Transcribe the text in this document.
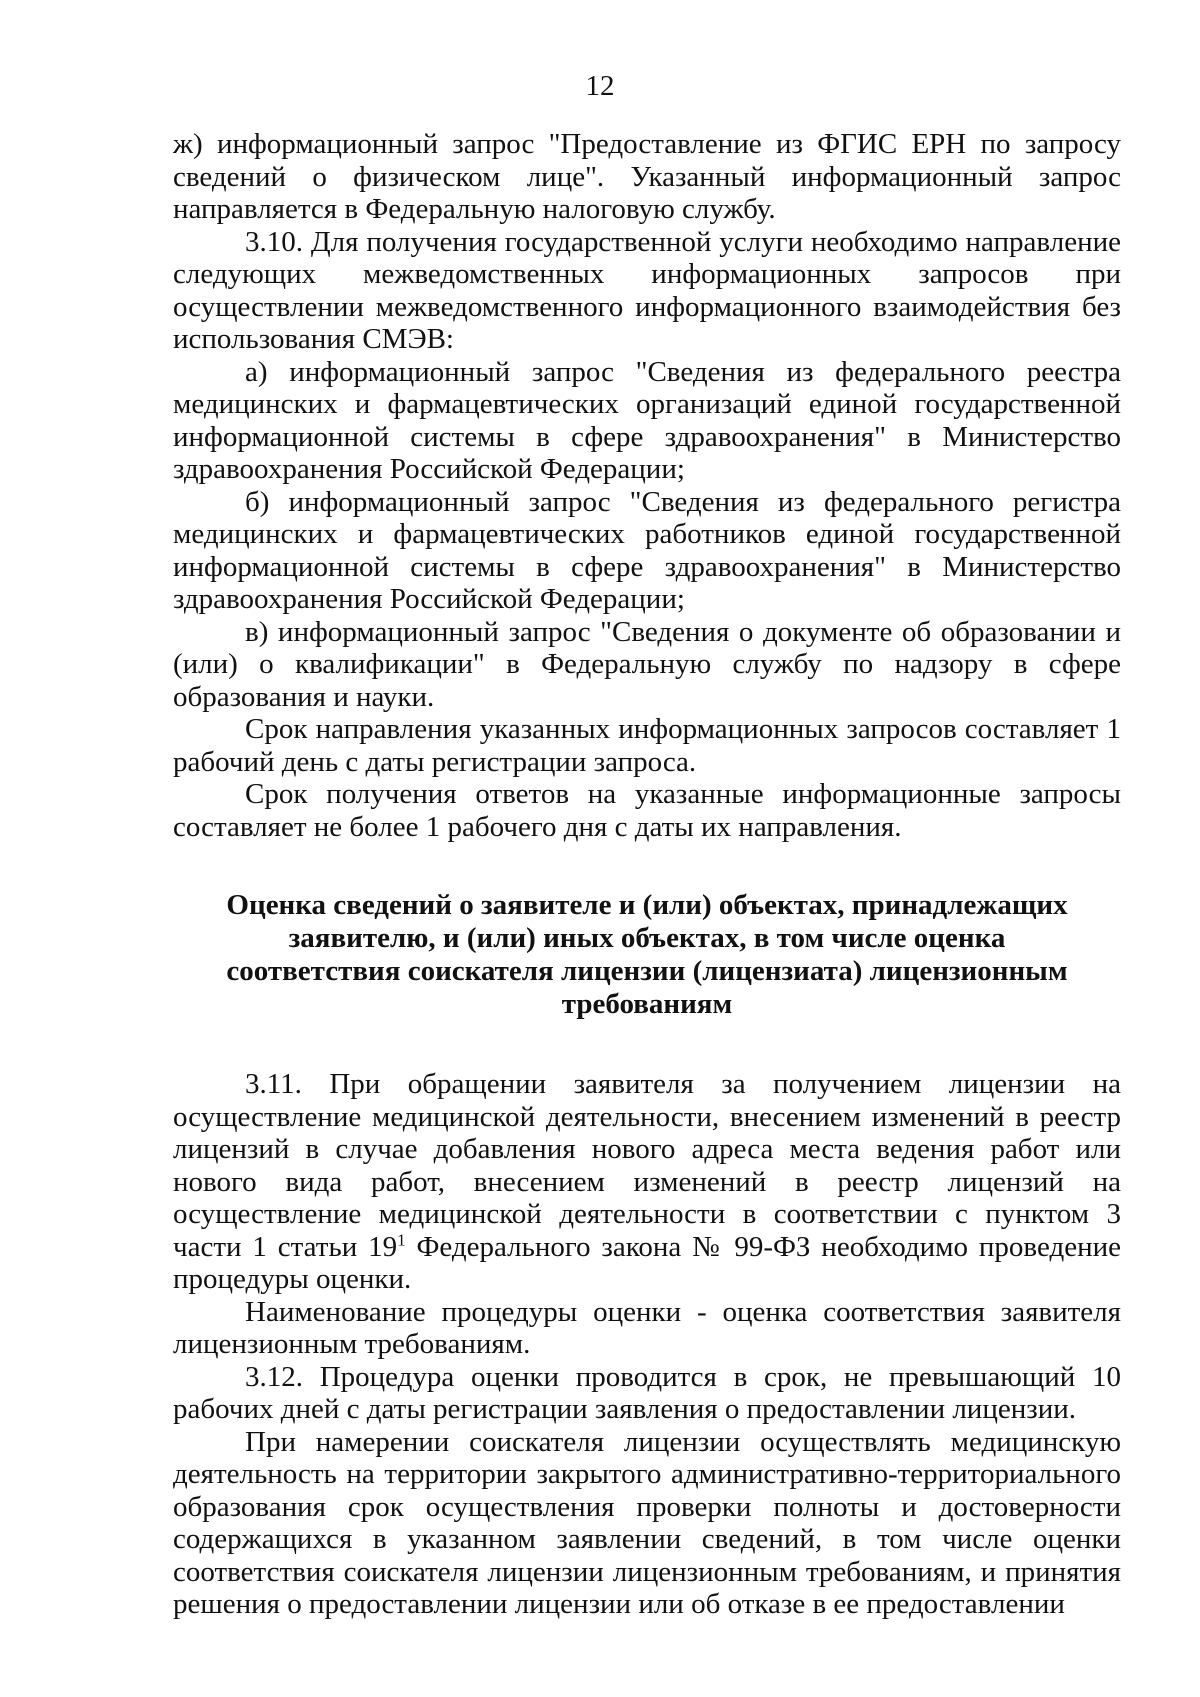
12

ж) информационный запрос "Предоставление из ФГИС ЕРН по запросу сведений о физическом лице". Указанный информационный запрос направляется в Федеральную налоговую службу.

3.10. Для получения государственной услуги необходимо направление следующих межведомственных информационных запросов при осуществлении межведомственного информационного взаимодействия без использования СМЭВ:

а) информационный запрос "Сведения из федерального реестра медицинских и фармацевтических организаций единой государственной информационной системы в сфере здравоохранения" в Министерство здравоохранения Российской Федерации;

б) информационный запрос "Сведения из федерального регистра медицинских и фармацевтических работников единой государственной информационной системы в сфере здравоохранения" в Министерство здравоохранения Российской Федерации;

в) информационный запрос "Сведения о документе об образовании и (или) о квалификации" в Федеральную службу по надзору в сфере образования и науки.

Срок направления указанных информационных запросов составляет 1 рабочий день с даты регистрации запроса.

Срок получения ответов на указанные информационные запросы составляет не более 1 рабочего дня с даты их направления.

Оценка сведений о заявителе и (или) объектах, принадлежащих заявителю, и (или) иных объектах, в том числе оценка соответствия соискателя лицензии (лицензиата) лицензионным требованиям

3.11. При обращении заявителя за получением лицензии на осуществление медицинской деятельности, внесением изменений в реестр лицензий в случае добавления нового адреса места ведения работ или нового вида работ, внесением изменений в реестр лицензий на осуществление медицинской деятельности в соответствии с пунктом 3 части 1 статьи $19^1$ Федерального закона № 99-ФЗ необходимо проведение процедуры оценки.

Наименование процедуры оценки - оценка соответствия заявителя лицензионным требованиям.

3.12. Процедура оценки проводится в срок, не превышающий 10 рабочих дней с даты регистрации заявления о предоставлении лицензии.

При намерении соискателя лицензии осуществлять медицинскую деятельность на территории закрытого административно-территориального образования срок осуществления проверки полноты и достоверности содержащихся в указанном заявлении сведений, в том числе оценки соответствия соискателя лицензии лицензионным требованиям, и принятия решения о предоставлении лицензии или об отказе в ее предоставлении
